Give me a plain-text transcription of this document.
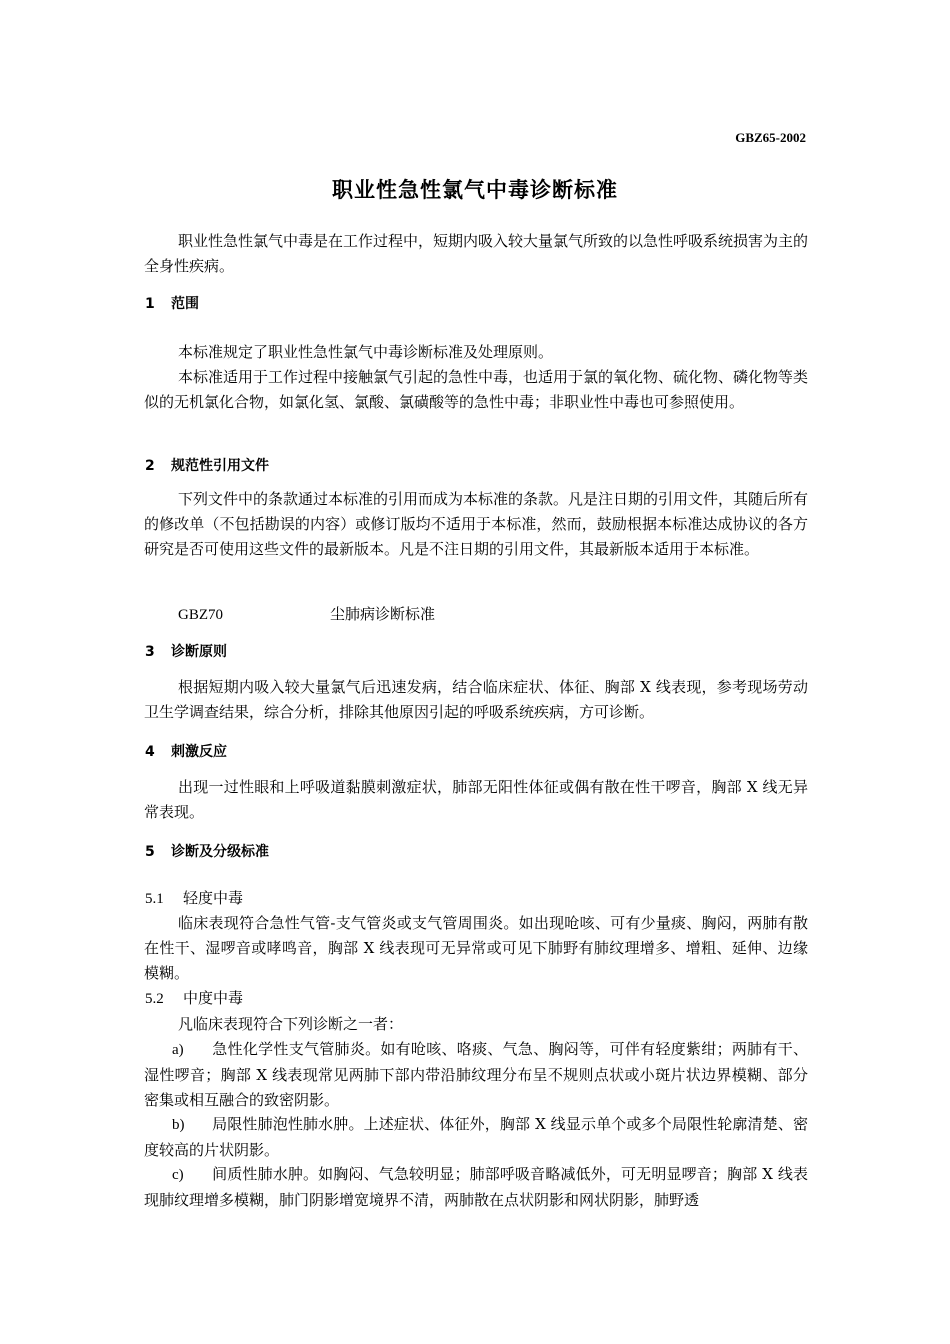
GBZ65-2002
职业性急性氯气中毒诊断标准

职业性急性氯气中毒是在工作过程中，短期内吸入较大量氯气所致的以急性呼吸系统损害为主的全身性疾病。

1 范围

本标准规定了职业性急性氯气中毒诊断标准及处理原则。

本标准适用于工作过程中接触氯气引起的急性中毒，也适用于氯的氧化物、硫化物、磷化物等类似的无机氯化合物，如氯化氢、氯酸、氯磺酸等的急性中毒；非职业性中毒也可参照使用。

2 规范性引用文件

下列文件中的条款通过本标准的引用而成为本标准的条款。凡是注日期的引用文件，其随后所有的修改单（不包括勘误的内容）或修订版均不适用于本标准，然而，鼓励根据本标准达成协议的各方研究是否可使用这些文件的最新版本。凡是不注日期的引用文件，其最新版本适用于本标准。

GBZ70	尘肺病诊断标准
3 诊断原则

根据短期内吸入较大量氯气后迅速发病，结合临床症状、体征、胸部 X 线表现，参考现场劳动卫生学调查结果，综合分析，排除其他原因引起的呼吸系统疾病，方可诊断。

4 刺激反应

出现一过性眼和上呼吸道黏膜刺激症状，肺部无阳性体征或偶有散在性干啰音，胸部 X 线无异常表现。

5 诊断及分级标准
5.1 轻度中毒

临床表现符合急性气管-支气管炎或支气管周围炎。如出现呛咳、可有少量痰、胸闷，两肺有散在性干、湿啰音或哮鸣音，胸部 X 线表现可无异常或可见下肺野有肺纹理增多、增粗、延伸、边缘模糊。

5.2 中度中毒

凡临床表现符合下列诊断之一者：

a) 急性化学性支气管肺炎。如有呛咳、咯痰、气急、胸闷等，可伴有轻度紫绀；两肺有干、湿性啰音；胸部 X 线表现常见两肺下部内带沿肺纹理分布呈不规则点状或小斑片状边界模糊、部分密集或相互融合的致密阴影。

b) 局限性肺泡性肺水肿。上述症状、体征外，胸部 X 线显示单个或多个局限性轮廓清楚、密度较高的片状阴影。

c) 间质性肺水肿。如胸闷、气急较明显；肺部呼吸音略减低外，可无明显啰音；胸部 X 线表现肺纹理增多模糊，肺门阴影增宽境界不清，两肺散在点状阴影和网状阴影，肺野透
